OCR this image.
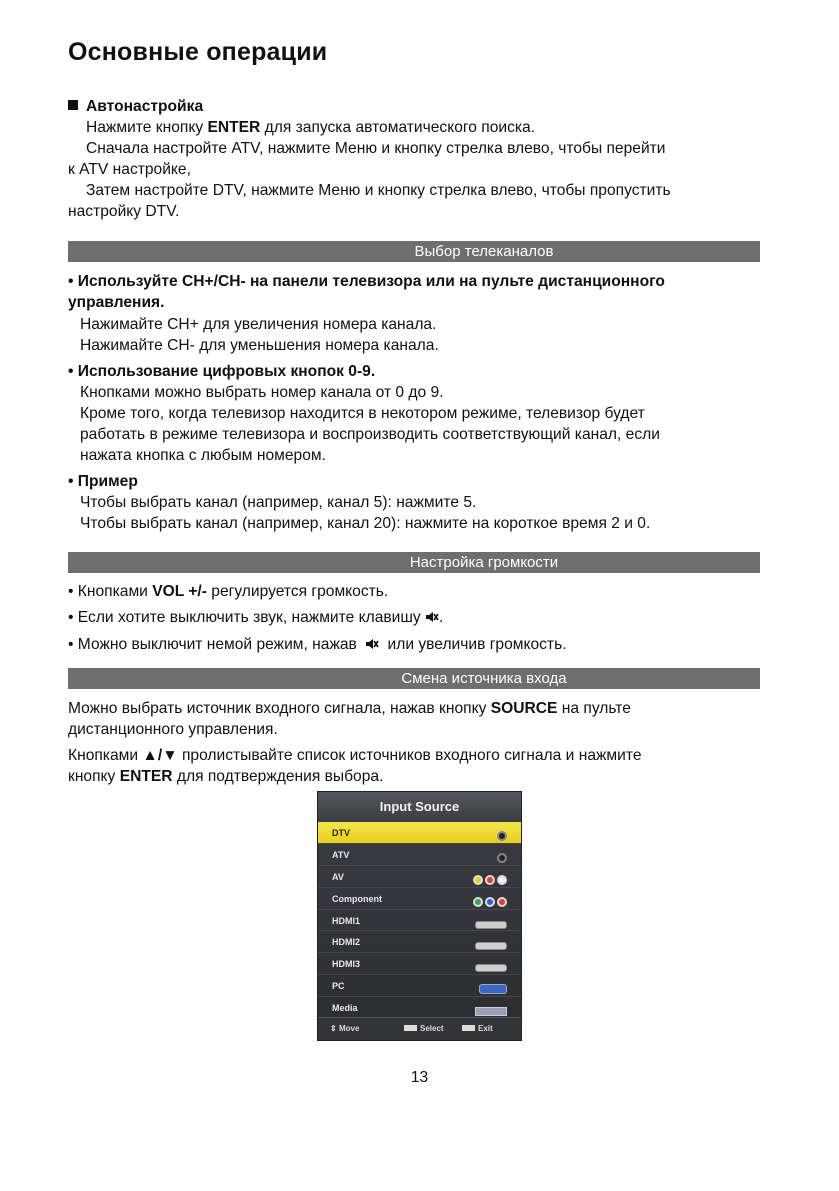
Основные операции

Автонастройка

Нажмите кнопку ENTER для запуска автоматического поиска.

Сначала настройте ATV, нажмите Меню и кнопку стрелка влево, чтобы перейти

к ATV настройке,

Затем настройте DTV, нажмите Меню и кнопку стрелка влево, чтобы пропустить

настройку DTV.

Выбор телеканалов

• Используйте CH+/CH- на панели телевизора или на пульте дистанционного

управления.

Нажимайте CH+ для увеличения номера канала.

Нажимайте CH- для уменьшения номера канала.

• Использование цифровых кнопок 0-9.

Кнопками можно выбрать номер канала от 0 до 9.

Кроме того, когда телевизор находится в некотором режиме, телевизор будет

работать в режиме телевизора и воспроизводить соответствующий канал, если

нажата кнопка с любым номером.

• Пример

Чтобы выбрать канал (например, канал 5): нажмите 5.

Чтобы выбрать канал (например, канал 20): нажмите на короткое время 2 и 0.

Настройка громкости

• Кнопками VOL +/- регулируется громкость.

• Если хотите выключить звук, нажмите клавишу .

• Можно выключит немой режим, нажав или увеличив громкость.

Смена источника входа

Можно выбрать источник входного сигнала, нажав кнопку SOURCE на пульте

дистанционного управления.

Кнопками ▲/▼ пролистывайте список источников входного сигнала и нажмите

кнопку ENTER для подтверждения выбора.

Input Source
DTV
ATV
AV
Component
HDMI1
HDMI2
HDMI3
PC
Media
⇕ Move	Select	Exit
13
